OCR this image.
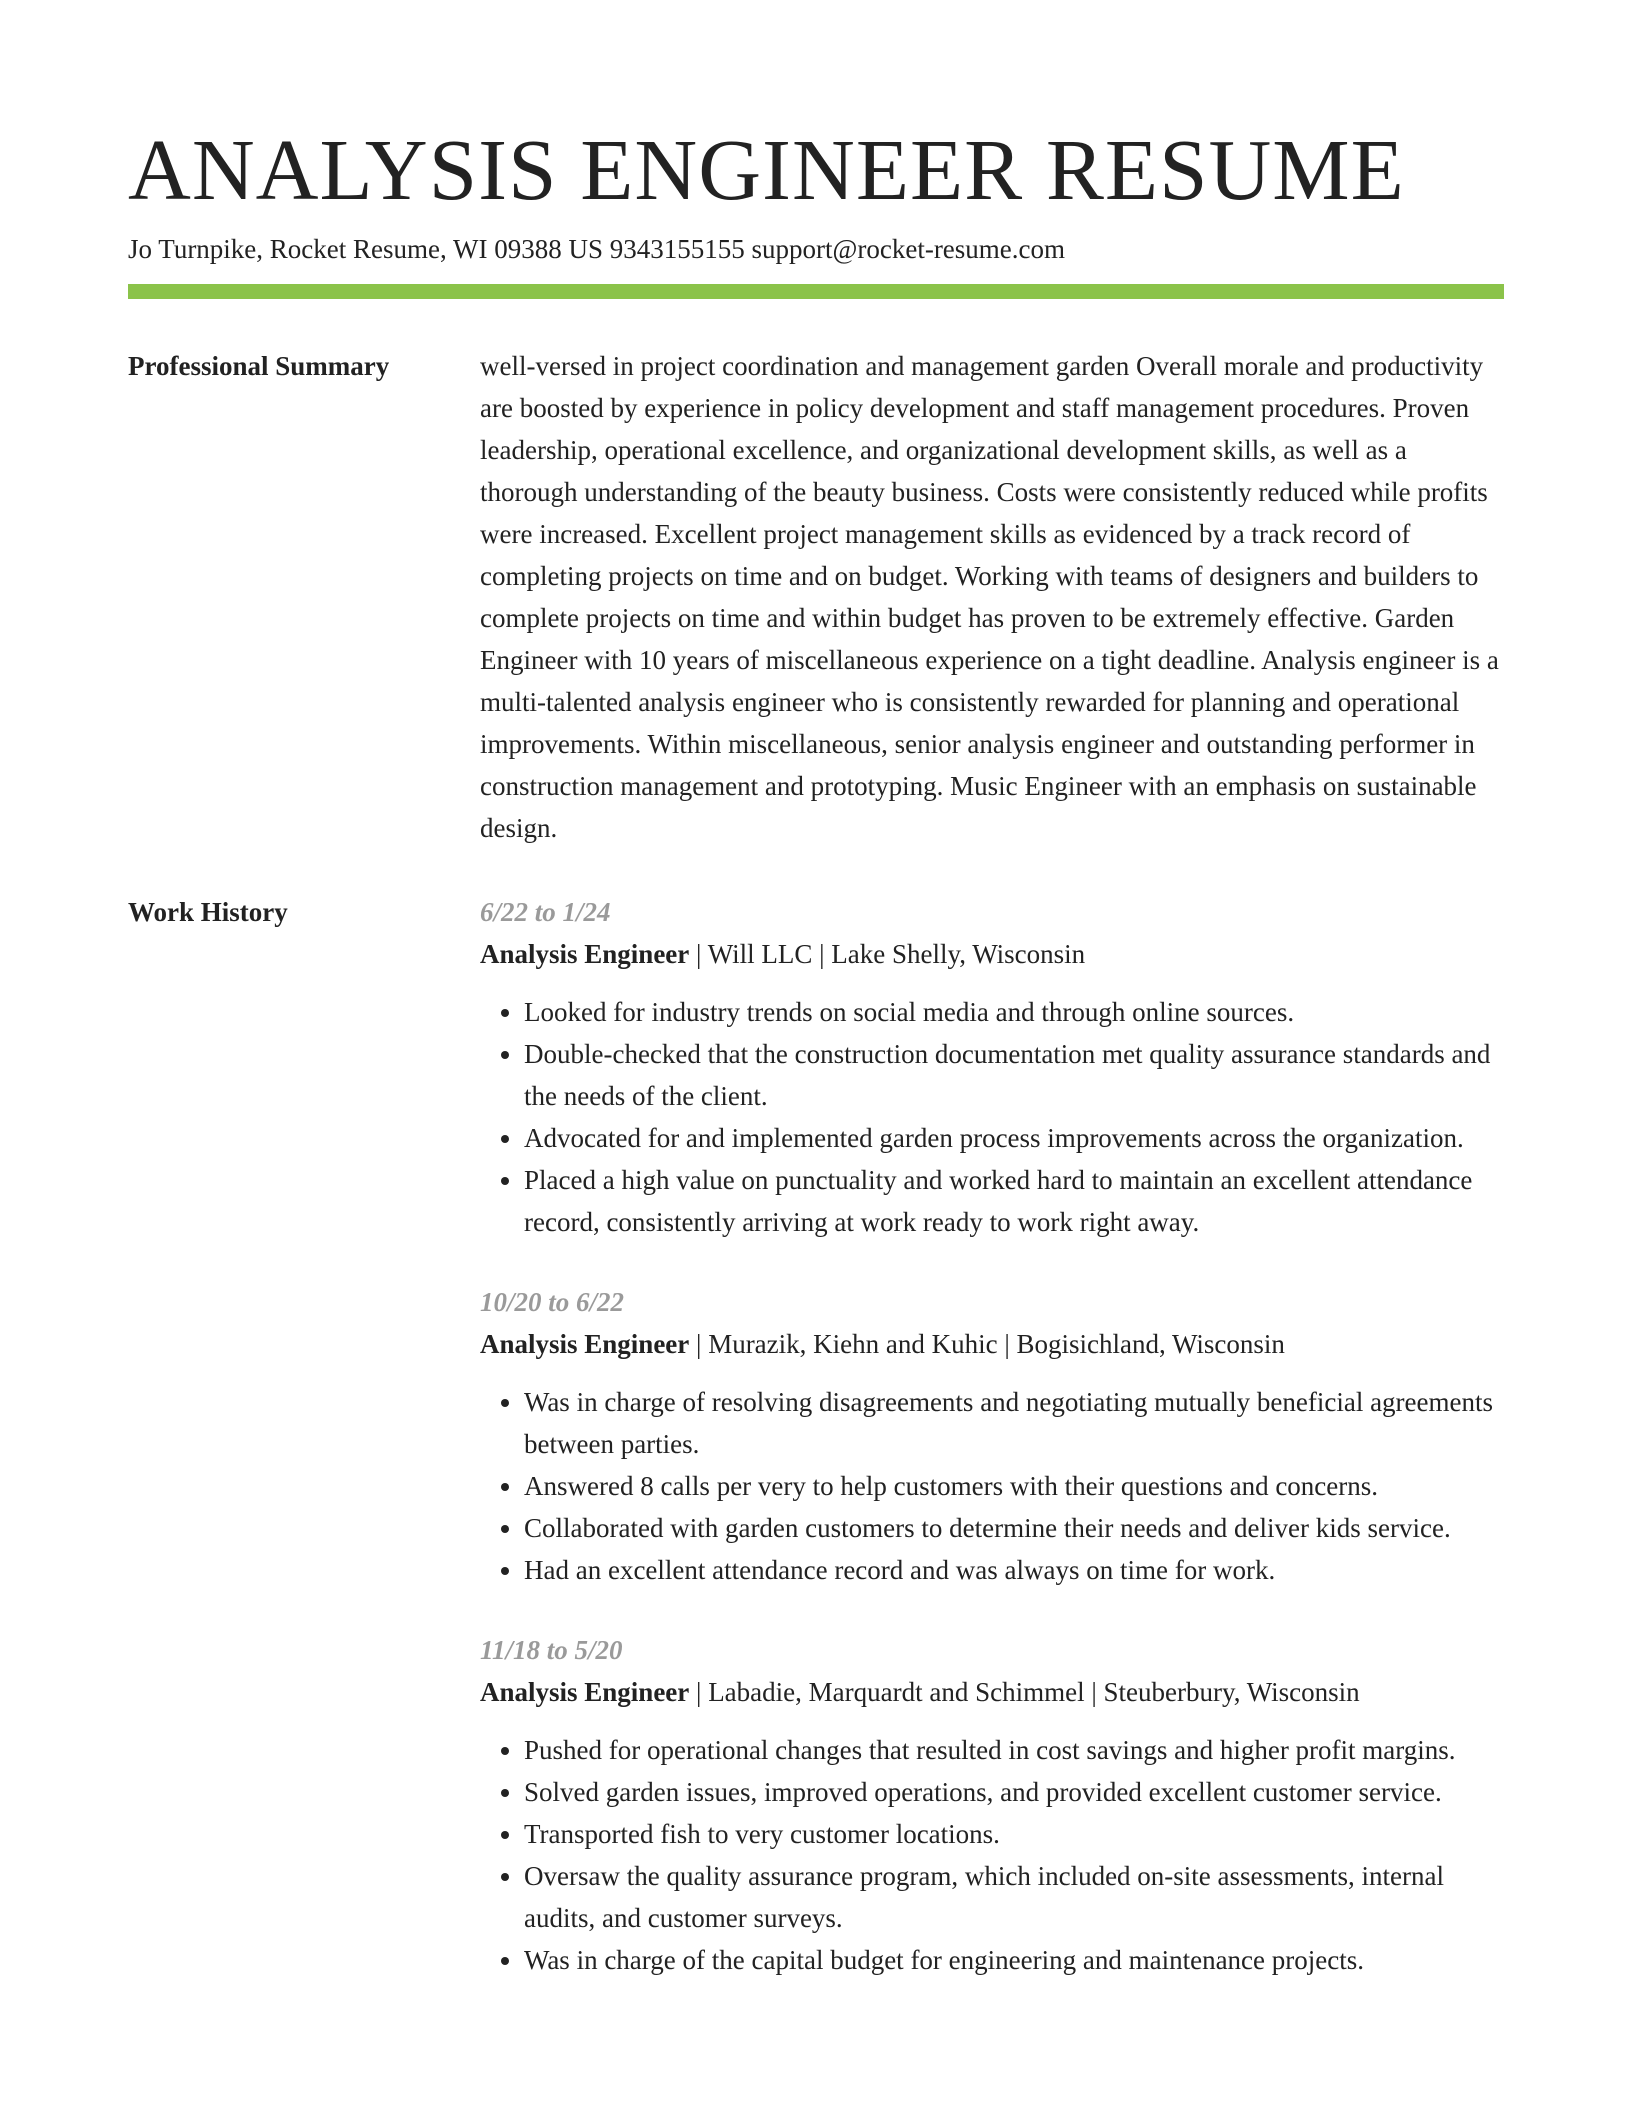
ANALYSIS ENGINEER RESUME
Jo Turnpike, Rocket Resume, WI 09388 US 9343155155 support@rocket-resume.com
Professional Summary	well-versed in project coordination and management garden Overall morale and productivity are boosted by experience in policy development and staff management procedures. Proven leadership, operational excellence, and organizational development skills, as well as a thorough understanding of the beauty business. Costs were consistently reduced while profits were increased. Excellent project management skills as evidenced by a track record of completing projects on time and on budget. Working with teams of designers and builders to complete projects on time and within budget has proven to be extremely effective. Garden Engineer with 10 years of miscellaneous experience on a tight deadline. Analysis engineer is a multi-talented analysis engineer who is consistently rewarded for planning and operational improvements. Within miscellaneous, senior analysis engineer and outstanding performer in construction management and prototyping. Music Engineer with an emphasis on sustainable design.

Work History	6/22 to 1/24
Analysis Engineer | Will LLC | Lake Shelly, Wisconsin
• Looked for industry trends on social media and through online sources.
• Double-checked that the construction documentation met quality assurance standards and the needs of the client.
• Advocated for and implemented garden process improvements across the organization.
• Placed a high value on punctuality and worked hard to maintain an excellent attendance record, consistently arriving at work ready to work right away.
10/20 to 6/22
Analysis Engineer | Murazik, Kiehn and Kuhic | Bogisichland, Wisconsin
• Was in charge of resolving disagreements and negotiating mutually beneficial agreements between parties.
• Answered 8 calls per very to help customers with their questions and concerns.
• Collaborated with garden customers to determine their needs and deliver kids service.
• Had an excellent attendance record and was always on time for work.
11/18 to 5/20
Analysis Engineer | Labadie, Marquardt and Schimmel | Steuberbury, Wisconsin
• Pushed for operational changes that resulted in cost savings and higher profit margins.
• Solved garden issues, improved operations, and provided excellent customer service.
• Transported fish to very customer locations.
• Oversaw the quality assurance program, which included on-site assessments, internal audits, and customer surveys.
• Was in charge of the capital budget for engineering and maintenance projects.
